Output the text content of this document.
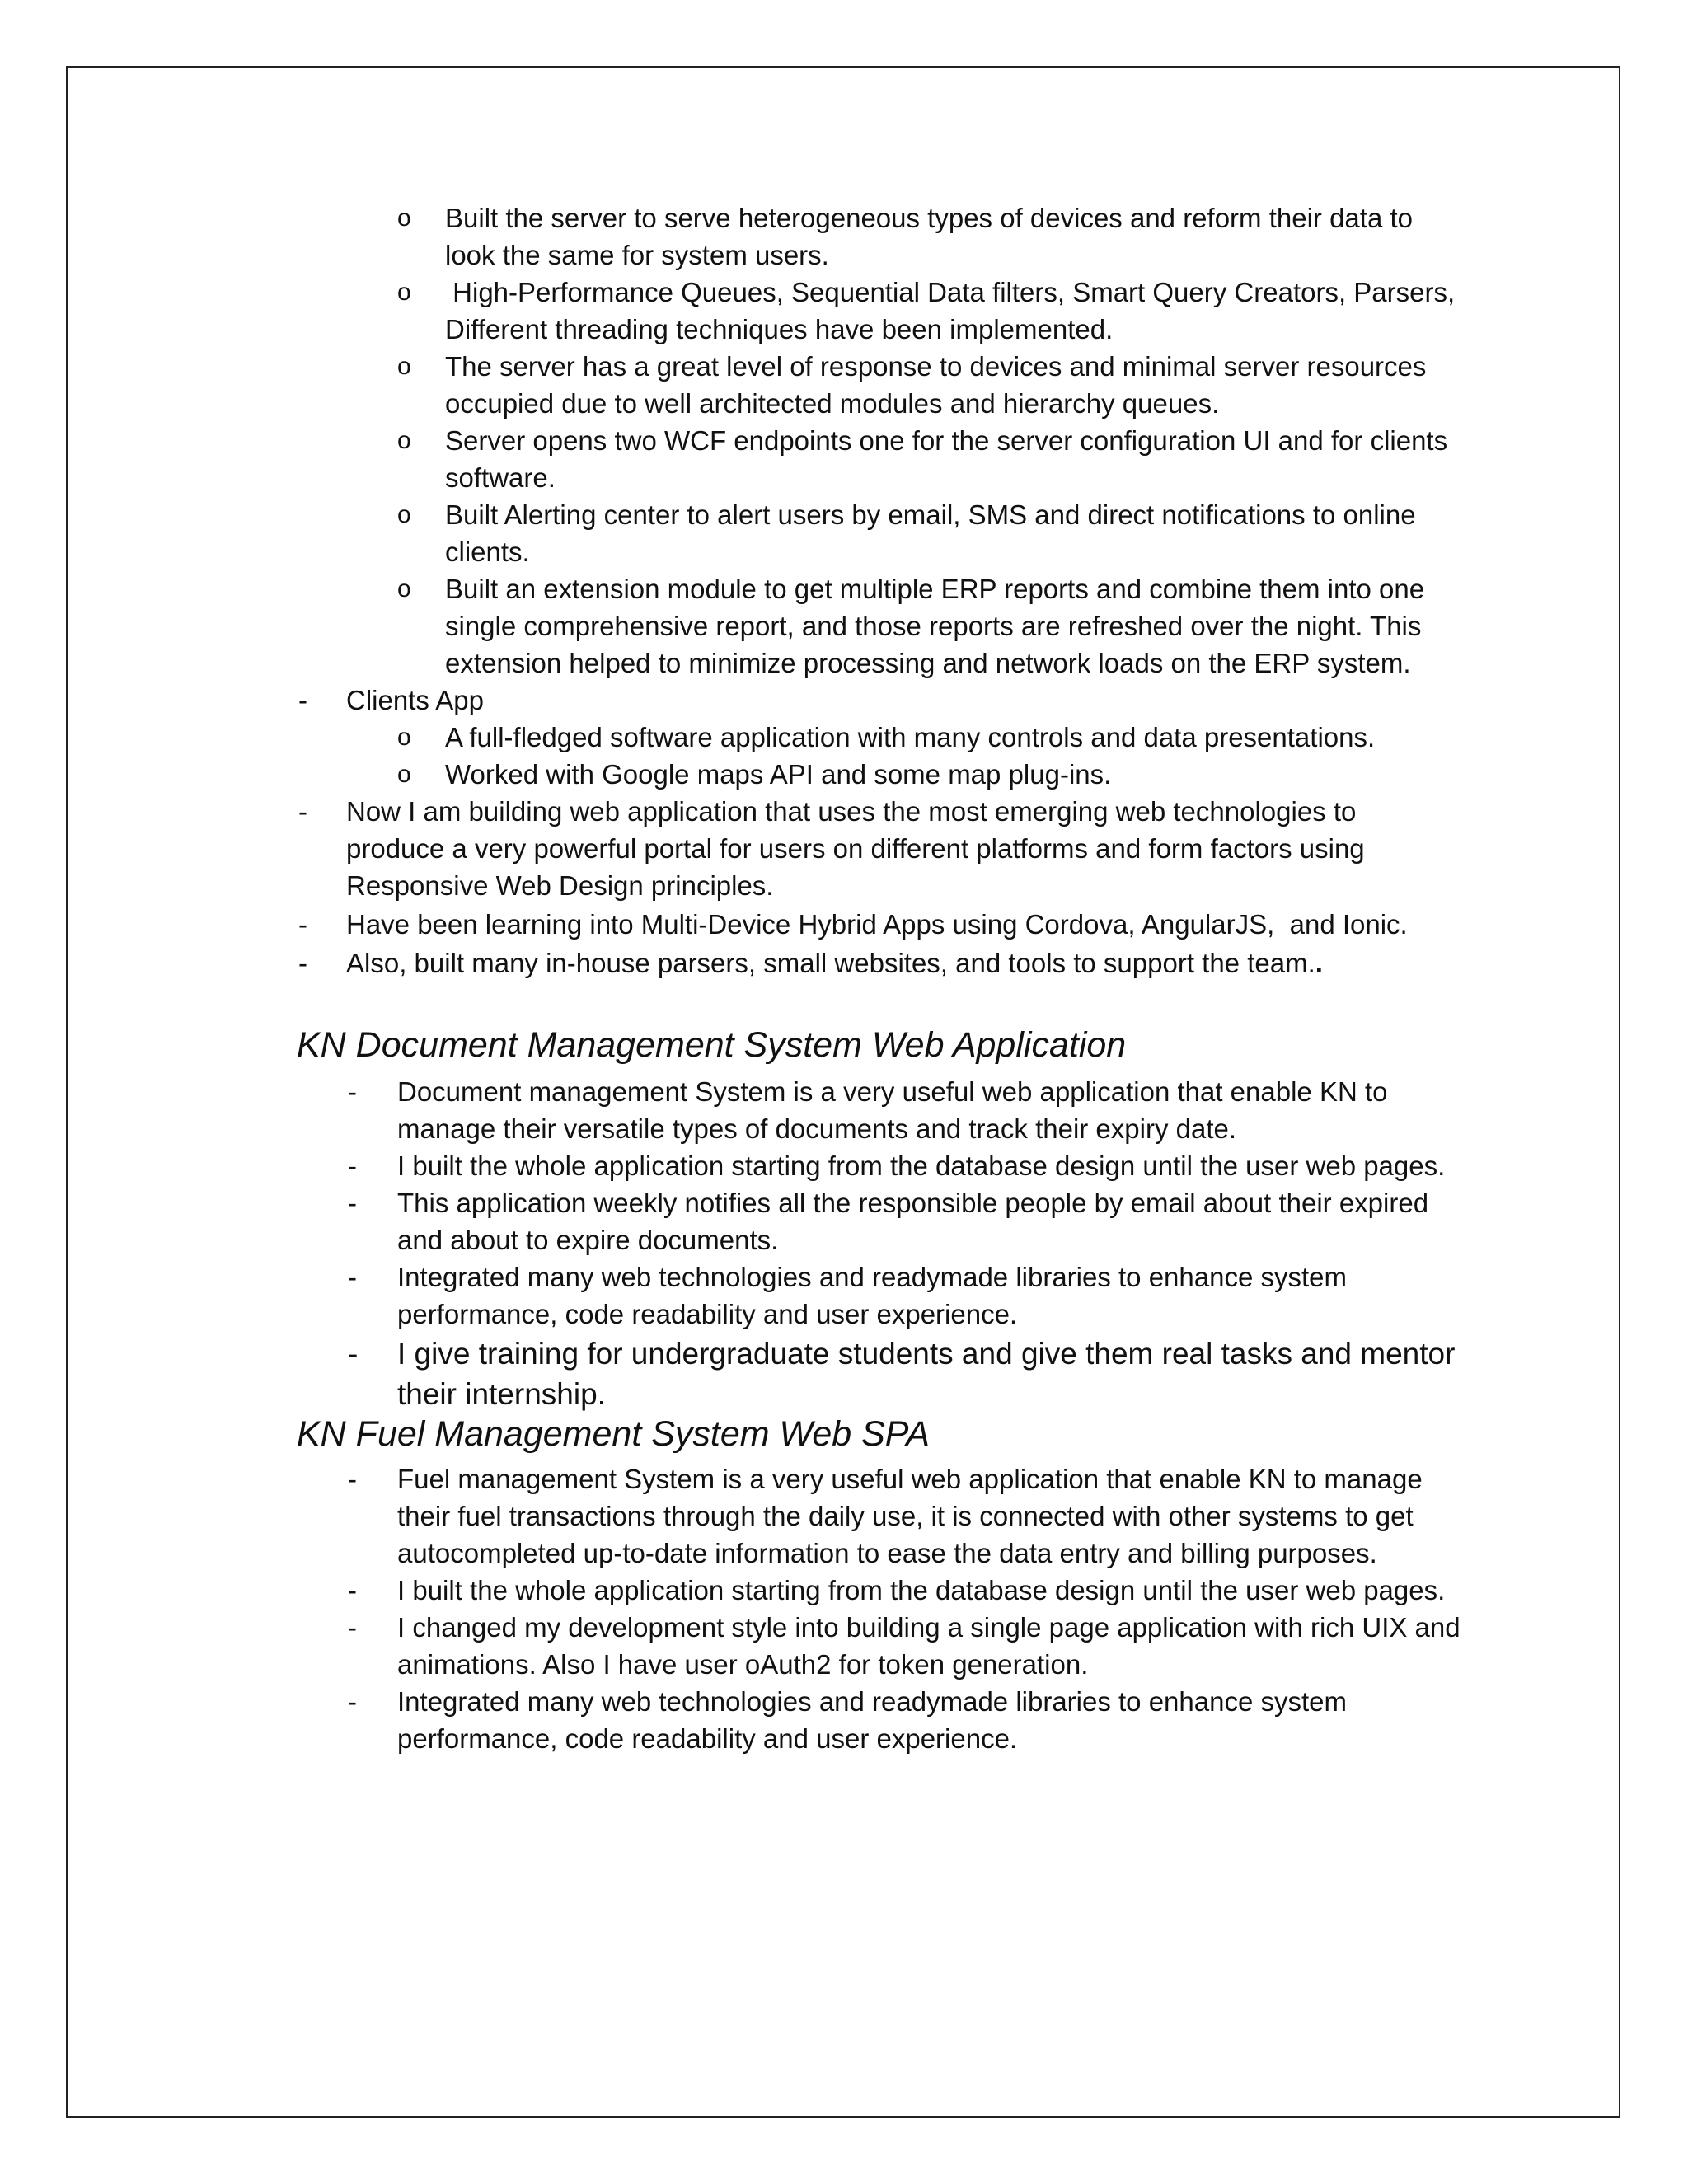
o Built the server to serve heterogeneous types of devices and reform their data to
look the same for system users.
o High-Performance Queues, Sequential Data filters, Smart Query Creators, Parsers,
Different threading techniques have been implemented.
o The server has a great level of response to devices and minimal server resources
occupied due to well architected modules and hierarchy queues.
o Server opens two WCF endpoints one for the server configuration UI and for clients
software.
o Built Alerting center to alert users by email, SMS and direct notifications to online
clients.
o Built an extension module to get multiple ERP reports and combine them into one
single comprehensive report, and those reports are refreshed over the night. This
extension helped to minimize processing and network loads on the ERP system.
- Clients App
o A full-fledged software application with many controls and data presentations.
o Worked with Google maps API and some map plug-ins.
- Now I am building web application that uses the most emerging web technologies to
produce a very powerful portal for users on different platforms and form factors using
Responsive Web Design principles.
- Have been learning into Multi-Device Hybrid Apps using Cordova, AngularJS,  and Ionic.
- Also, built many in-house parsers, small websites, and tools to support the team..
KN Document Management System Web Application
- Document management System is a very useful web application that enable KN to
manage their versatile types of documents and track their expiry date.
- I built the whole application starting from the database design until the user web pages.
- This application weekly notifies all the responsible people by email about their expired
and about to expire documents.
- Integrated many web technologies and readymade libraries to enhance system
performance, code readability and user experience.
- I give training for undergraduate students and give them real tasks and mentor
their internship.
KN Fuel Management System Web SPA
- Fuel management System is a very useful web application that enable KN to manage
their fuel transactions through the daily use, it is connected with other systems to get
autocompleted up-to-date information to ease the data entry and billing purposes.
- I built the whole application starting from the database design until the user web pages.
- I changed my development style into building a single page application with rich UIX and
animations. Also I have user oAuth2 for token generation.
- Integrated many web technologies and readymade libraries to enhance system
performance, code readability and user experience.
